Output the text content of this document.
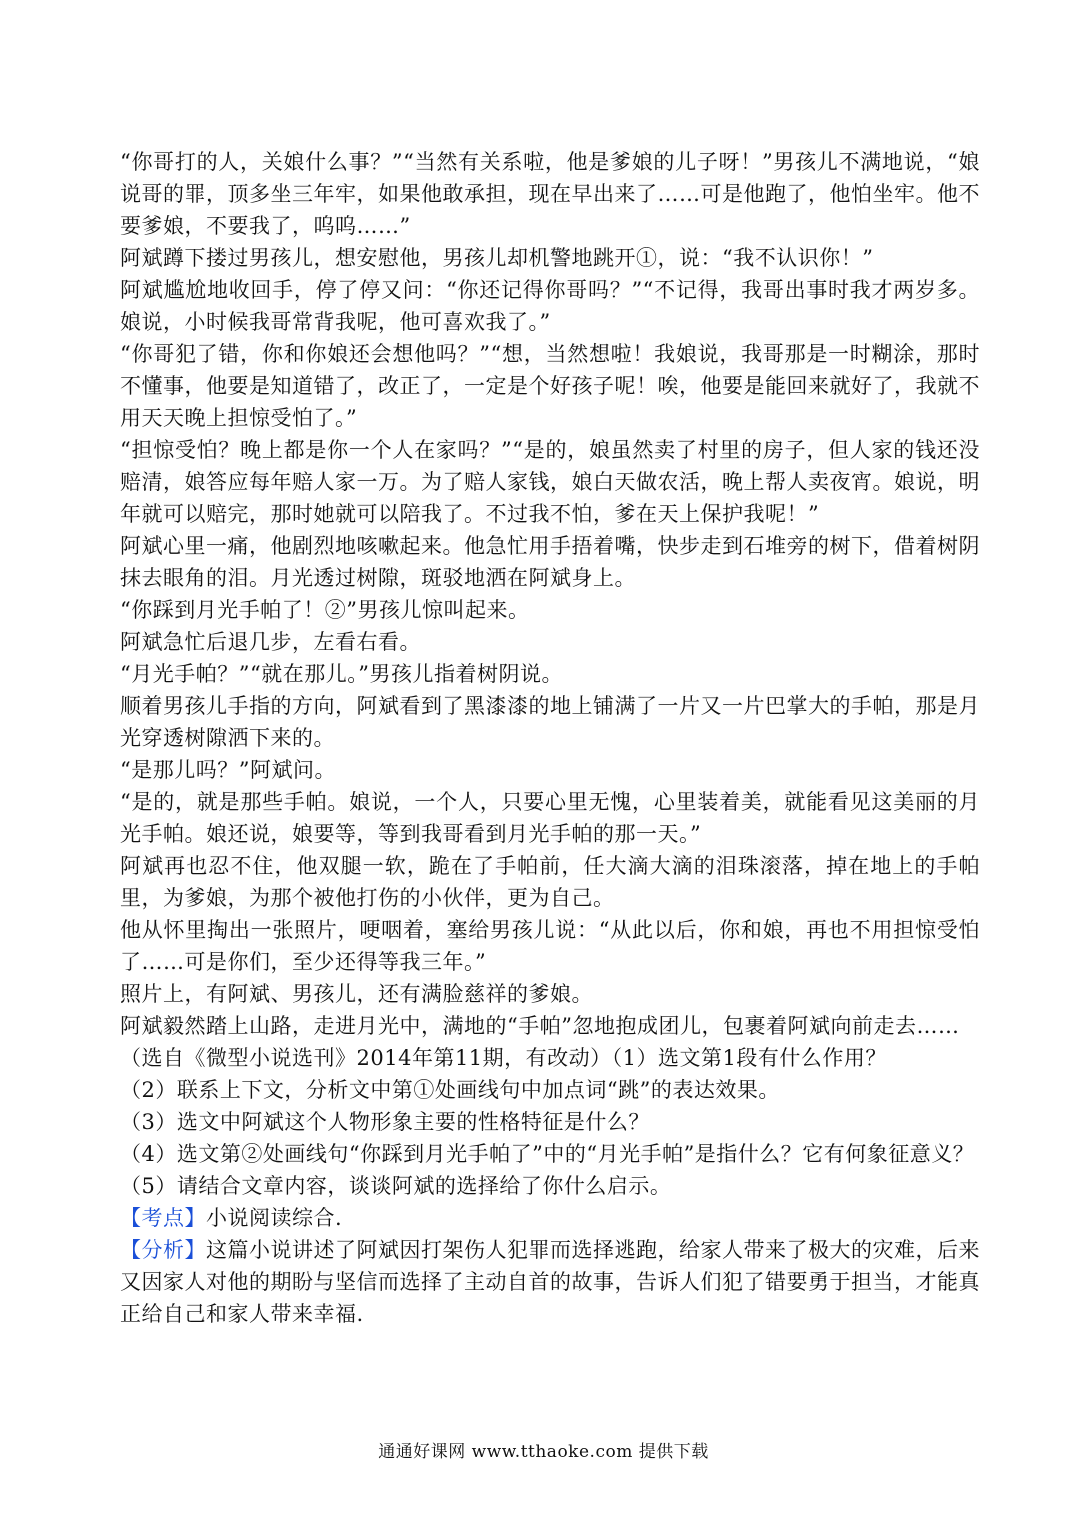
“你哥打的人，关娘什么事？”“当然有关系啦，他是爹娘的儿子呀！”男孩儿不满地说，“娘说哥的罪，顶多坐三年牢，如果他敢承担，现在早出来了……可是他跑了，他怕坐牢。他不要爹娘，不要我了，呜呜……”

阿斌蹲下搂过男孩儿，想安慰他，男孩儿却机警地跳开①，说：“我不认识你！”

阿斌尴尬地收回手，停了停又问：“你还记得你哥吗？”“不记得，我哥出事时我才两岁多。娘说，小时候我哥常背我呢，他可喜欢我了。”

“你哥犯了错，你和你娘还会想他吗？”“想，当然想啦！我娘说，我哥那是一时糊涂，那时不懂事，他要是知道错了，改正了，一定是个好孩子呢！唉，他要是能回来就好了，我就不用天天晚上担惊受怕了。”

“担惊受怕？晚上都是你一个人在家吗？”“是的，娘虽然卖了村里的房子，但人家的钱还没赔清，娘答应每年赔人家一万。为了赔人家钱，娘白天做农活，晚上帮人卖夜宵。娘说，明年就可以赔完，那时她就可以陪我了。不过我不怕，爹在天上保护我呢！”

阿斌心里一痛，他剧烈地咳嗽起来。他急忙用手捂着嘴，快步走到石堆旁的树下，借着树阴抹去眼角的泪。月光透过树隙，斑驳地洒在阿斌身上。

“你踩到月光手帕了！②”男孩儿惊叫起来。

阿斌急忙后退几步，左看右看。

“月光手帕？”“就在那儿。”男孩儿指着树阴说。

顺着男孩儿手指的方向，阿斌看到了黑漆漆的地上铺满了一片又一片巴掌大的手帕，那是月光穿透树隙洒下来的。

“是那儿吗？”阿斌问。

“是的，就是那些手帕。娘说，一个人，只要心里无愧，心里装着美，就能看见这美丽的月光手帕。娘还说，娘要等，等到我哥看到月光手帕的那一天。”

阿斌再也忍不住，他双腿一软，跪在了手帕前，任大滴大滴的泪珠滚落，掉在地上的手帕里，为爹娘，为那个被他打伤的小伙伴，更为自己。

他从怀里掏出一张照片，哽咽着，塞给男孩儿说：“从此以后，你和娘，再也不用担惊受怕了……可是你们，至少还得等我三年。”

照片上，有阿斌、男孩儿，还有满脸慈祥的爹娘。

阿斌毅然踏上山路，走进月光中，满地的“手帕”忽地抱成团儿，包裹着阿斌向前走去……

（选自《微型小说选刊》2014年第11期，有改动）（1）选文第1段有什么作用？

（2）联系上下文，分析文中第①处画线句中加点词“跳”的表达效果。

（3）选文中阿斌这个人物形象主要的性格特征是什么？

（4）选文第②处画线句“你踩到月光手帕了”中的“月光手帕”是指什么？它有何象征意义？

（5）请结合文章内容，谈谈阿斌的选择给了你什么启示。

【考点】小说阅读综合.

【分析】这篇小说讲述了阿斌因打架伤人犯罪而选择逃跑，给家人带来了极大的灾难，后来又因家人对他的期盼与坚信而选择了主动自首的故事，告诉人们犯了错要勇于担当，才能真正给自己和家人带来幸福.

通通好课网 www.tthaoke.com 提供下载
